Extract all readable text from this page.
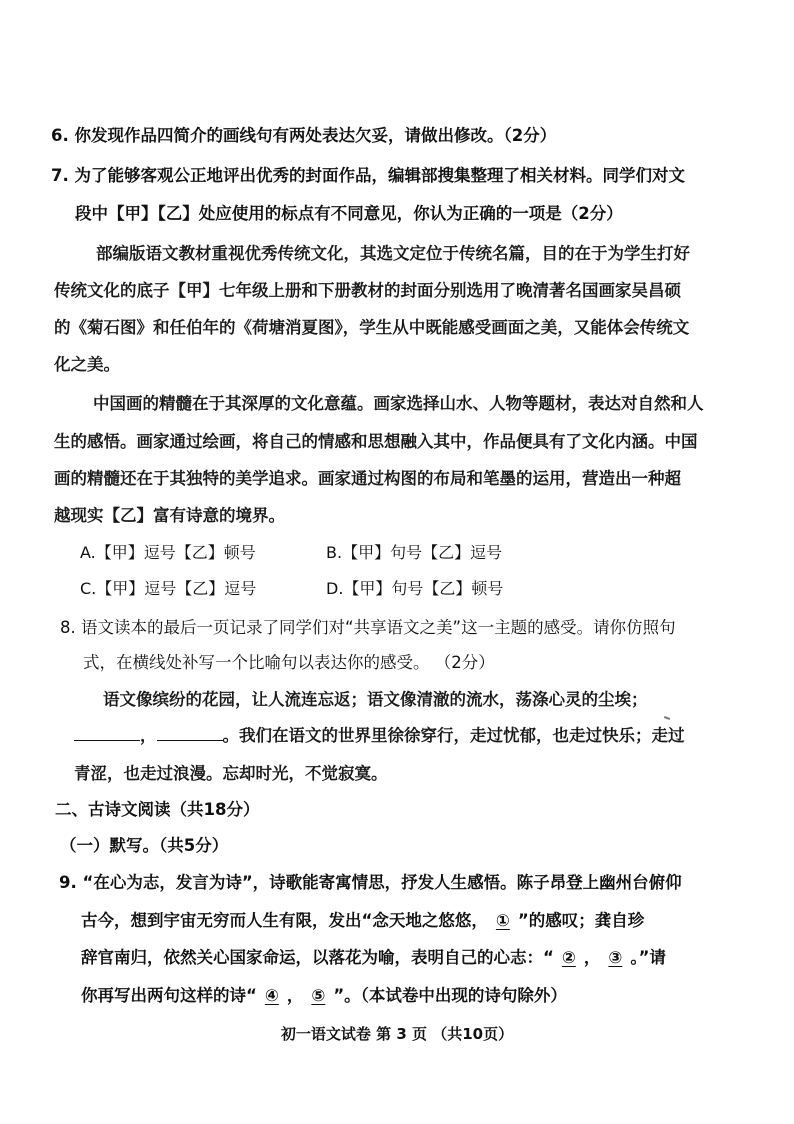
6. 你发现作品四简介的画线句有两处表达欠妥，请做出修改。（2分）
7. 为了能够客观公正地评出优秀的封面作品，编辑部搜集整理了相关材料。同学们对文
段中【甲】【乙】处应使用的标点有不同意见，你认为正确的一项是（2分）
部编版语文教材重视优秀传统文化，其选文定位于传统名篇，目的在于为学生打好
传统文化的底子【甲】七年级上册和下册教材的封面分别选用了晚清著名国画家吴昌硕
的《菊石图》和任伯年的《荷塘消夏图》，学生从中既能感受画面之美，又能体会传统文
化之美。
中国画的精髓在于其深厚的文化意蕴。画家选择山水、人物等题材，表达对自然和人
生的感悟。画家通过绘画，将自己的情感和思想融入其中，作品便具有了文化内涵。中国
画的精髓还在于其独特的美学追求。画家通过构图的布局和笔墨的运用，营造出一种超
越现实【乙】富有诗意的境界。
A.【甲】逗号【乙】顿号	B.【甲】句号【乙】逗号
C.【甲】逗号【乙】逗号	D.【甲】句号【乙】顿号
8. 语文读本的最后一页记录了同学们对“共享语文之美”这一主题的感受。请你仿照句
式，在横线处补写一个比喻句以表达你的感受。 （2分）
语文像缤纷的花园，让人流连忘返；语文像清澈的流水，荡涤心灵的尘埃；
，	。我们在语文的世界里徐徐穿行，走过忧郁，也走过快乐；走过
青涩，也走过浪漫。忘却时光，不觉寂寞。
二、古诗文阅读（共18分）
（一）默写。（共5分）
9. “在心为志，发言为诗”，诗歌能寄寓情思，抒发人生感悟。陈子昂登上幽州台俯仰
古今，想到宇宙无穷而人生有限，发出“念天地之悠悠， ① ”的感叹；龚自珍
辞官南归，依然关心国家命运，以落花为喻，表明自己的心志：“ ② ， ③ 。”请
你再写出两句这样的诗“ ④ ， ⑤ ”。（本试卷中出现的诗句除外）
初一语文试卷 第 3 页 （共10页）
